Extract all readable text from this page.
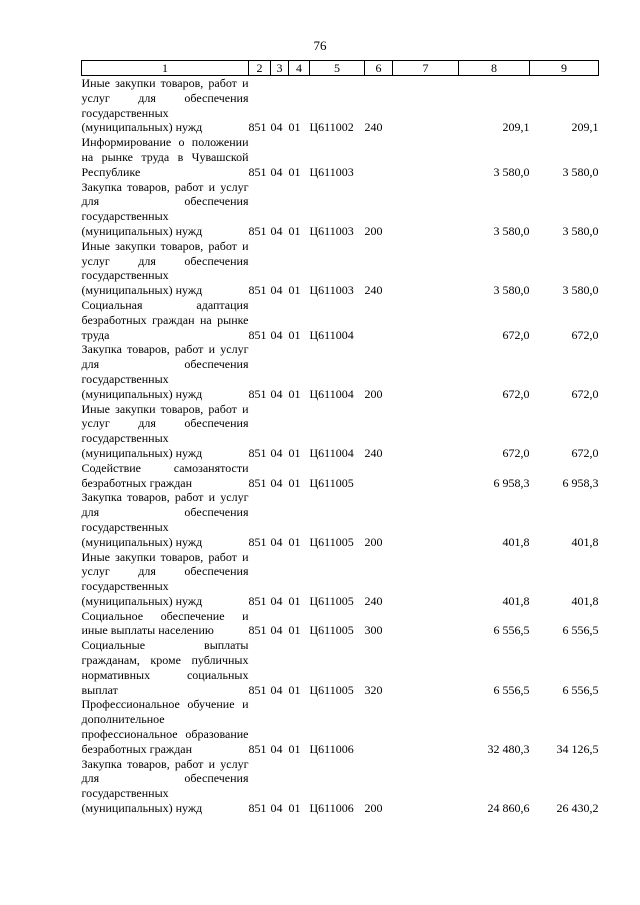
76
1	2	3	4	5	6	7	8	9
Иные закупки товаров, работ и услуг для обеспечения государственных (муниципальных) нужд	851	04	01	Ц611002	240		209,1	209,1
Информирование о положении на рынке труда в Чувашской Республике	851	04	01	Ц611003			3 580,0	3 580,0
Закупка товаров, работ и услуг для обеспечения государственных (муниципальных) нужд	851	04	01	Ц611003	200		3 580,0	3 580,0
Иные закупки товаров, работ и услуг для обеспечения государственных (муниципальных) нужд	851	04	01	Ц611003	240		3 580,0	3 580,0
Социальная адаптация безработных граждан на рынке труда	851	04	01	Ц611004			672,0	672,0
Закупка товаров, работ и услуг для обеспечения государственных (муниципальных) нужд	851	04	01	Ц611004	200		672,0	672,0
Иные закупки товаров, работ и услуг для обеспечения государственных (муниципальных) нужд	851	04	01	Ц611004	240		672,0	672,0
Содействие самозанятости безработных граждан	851	04	01	Ц611005			6 958,3	6 958,3
Закупка товаров, работ и услуг для обеспечения государственных (муниципальных) нужд	851	04	01	Ц611005	200		401,8	401,8
Иные закупки товаров, работ и услуг для обеспечения государственных (муниципальных) нужд	851	04	01	Ц611005	240		401,8	401,8
Социальное обеспечение и иные выплаты населению	851	04	01	Ц611005	300		6 556,5	6 556,5
Социальные выплаты гражданам, кроме публичных нормативных социальных выплат	851	04	01	Ц611005	320		6 556,5	6 556,5
Профессиональное обучение и дополнительное профессиональное образование безработных граждан	851	04	01	Ц611006			32 480,3	34 126,5
Закупка товаров, работ и услуг для обеспечения государственных (муниципальных) нужд	851	04	01	Ц611006	200		24 860,6	26 430,2
